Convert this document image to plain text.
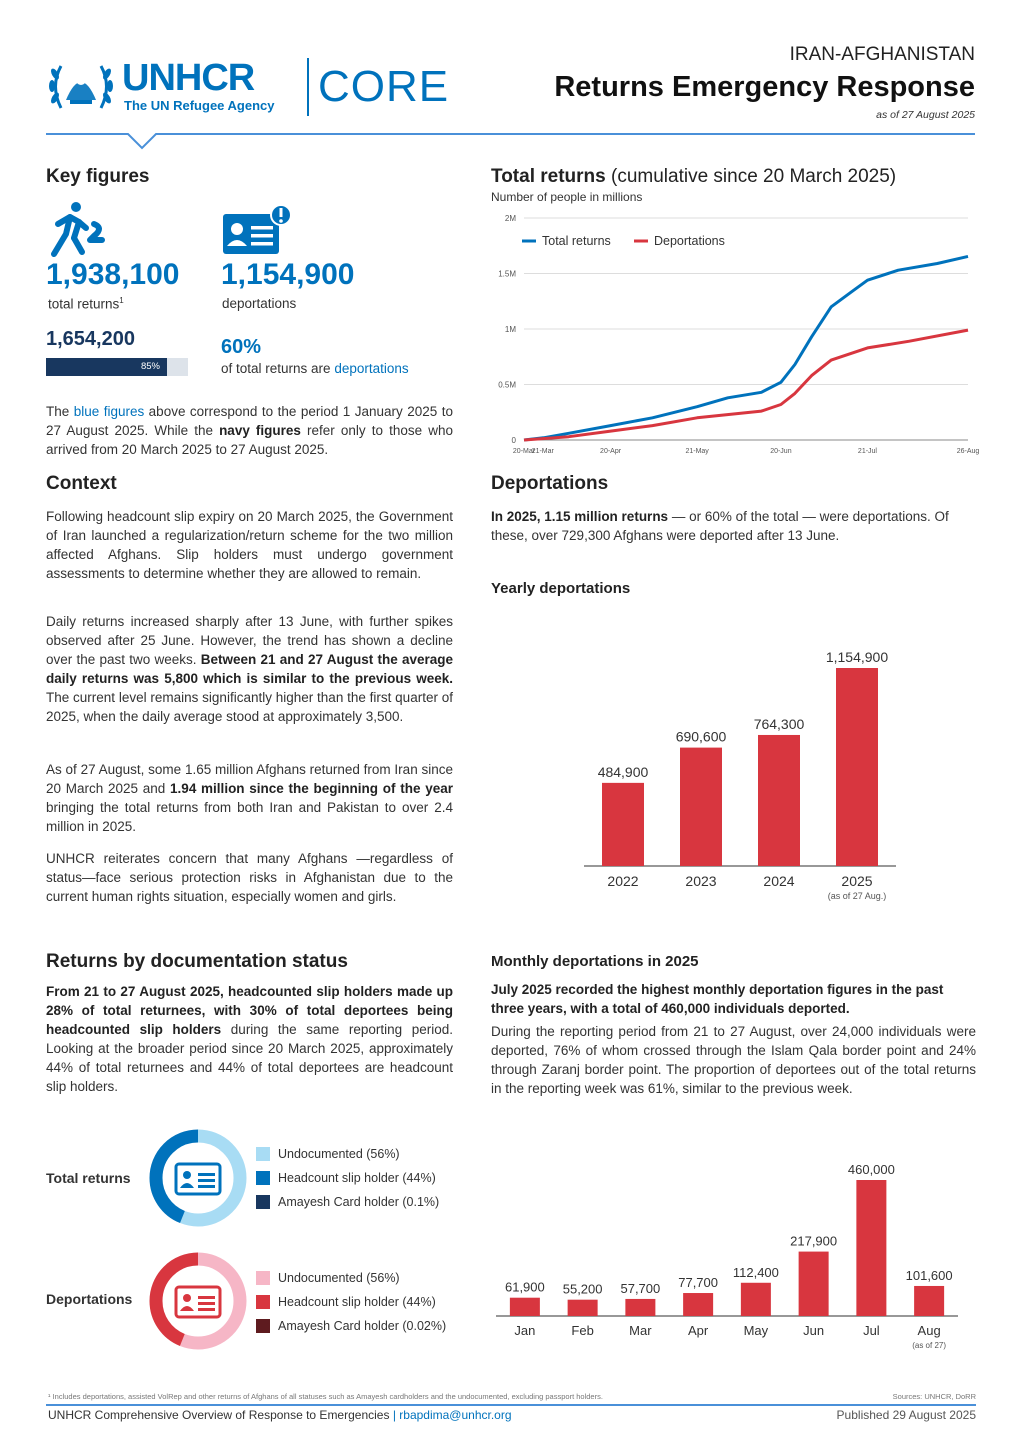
UNHCR
The UN Refugee Agency CORE
IRAN-AFGHANISTAN
Returns Emergency Response
as of 27 August 2025
Key figures
1,938,100
total returns$^1$
1,154,900
deportations
1,654,200
85%
60%
of total returns are deportations
The blue figures above correspond to the period 1 January 2025 to 27 August 2025. While the navy figures refer only to those who arrived from 20 March 2025 to 27 August 2025.
Context
Following headcount slip expiry on 20 March 2025, the Government of Iran launched a regularization/return scheme for the two million affected Afghans. Slip holders must undergo government assessments to determine whether they are allowed to remain.
Daily returns increased sharply after 13 June, with further spikes observed after 25 June. However, the trend has shown a decline over the past two weeks. Between 21 and 27 August the average daily returns was 5,800 which is similar to the previous week. The current level remains significantly higher than the first quarter of 2025, when the daily average stood at approximately 3,500.
As of 27 August, some 1.65 million Afghans returned from Iran since 20 March 2025 and 1.94 million since the beginning of the year bringing the total returns from both Iran and Pakistan to over 2.4 million in 2025.
UNHCR reiterates concern that many Afghans —regardless of status—face serious protection risks in Afghanistan due to the current human rights situation, especially women and girls.
Total returns (cumulative since 20 March 2025)
Number of people in millions
0
0.5M
1M
1.5M
2M
20-Mar
21-Mar	20-Apr	21-May	20-Jun	21-Jul	26-Aug
Total returns	Deportations
Deportations
In 2025, 1.15 million returns — or 60% of the total — were deportations. Of these, over 729,300 Afghans were deported after 13 June.
Yearly deportations
484,900
2022
690,600
2023
764,300
2024
1,154,900
2025
(as of 27 Aug.)
Returns by documentation status
From 21 to 27 August 2025, headcounted slip holders made up 28% of total returnees, with 30% of total deportees being headcounted slip holders during the same reporting period. Looking at the broader period since 20 March 2025, approximately 44% of total returnees and 44% of total deportees are headcount slip holders.
Total returns
Undocumented (56%)
Headcount slip holder (44%)
Amayesh Card holder (0.1%)
Deportations
Undocumented (56%)
Headcount slip holder (44%)
Amayesh Card holder (0.02%)
Monthly deportations in 2025
July 2025 recorded the highest monthly deportation figures in the past three years, with a total of 460,000 individuals deported.
During the reporting period from 21 to 27 August, over 24,000 individuals were deported, 76% of whom crossed through the Islam Qala border point and 24% through Zaranj border point. The proportion of deportees out of the total returns in the reporting week was 61%, similar to the previous week.
61,900
Jan
55,200
Feb
57,700
Mar
77,700
Apr
112,400
May
217,900
Jun
460,000
Jul
101,600
Aug
(as of 27)
¹ Includes deportations, assisted VolRep and other returns of Afghans of all statuses such as Amayesh cardholders and the undocumented, excluding passport holders.	Sources: UNHCR, DoRR
UNHCR Comprehensive Overview of Response to Emergencies | rbapdima@unhcr.org	Published 29 August 2025
